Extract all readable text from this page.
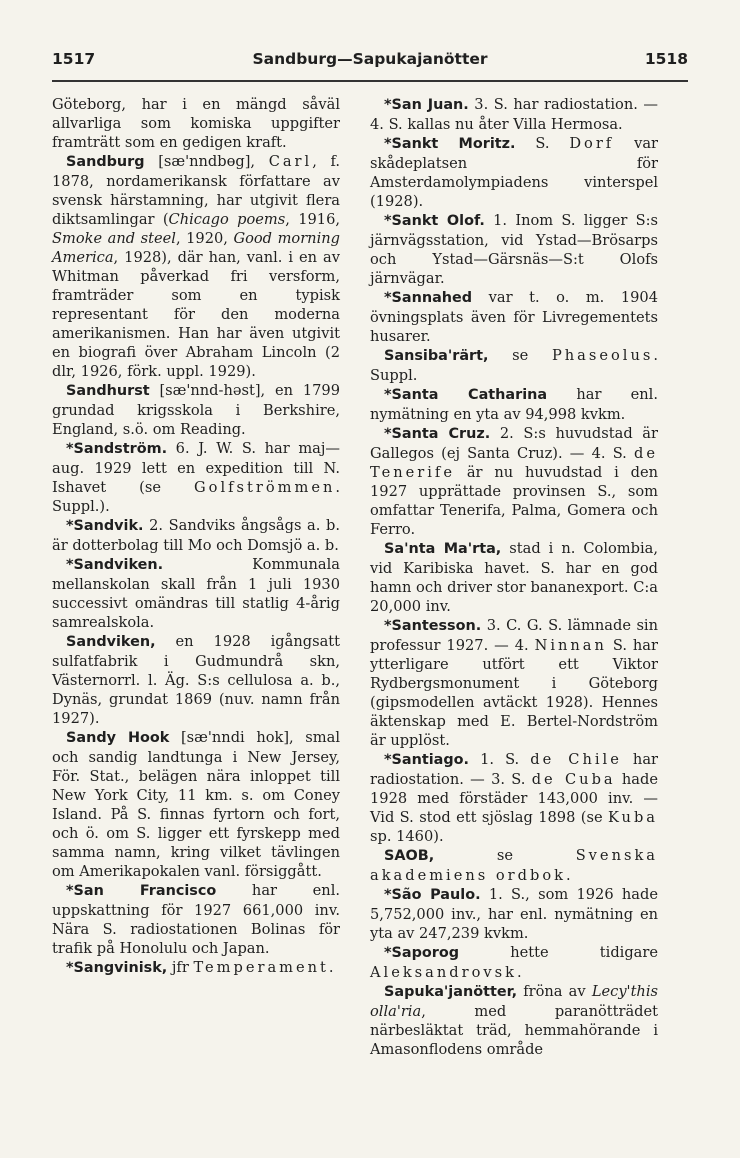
1517	Sandburg—Sapukajanötter	1518

Göteborg, har i en mängd såväl allvarliga som komiska uppgifter framträtt som en gedigen kraft.

Sandburg [sæ'nndbɵg], Carl, f. 1878, nordamerikansk författare av svensk härstamning, har utgivit flera diktsamlingar (Chicago poems, 1916, Smoke and steel, 1920, Good morning America, 1928), där han, vanl. i en av Whitman påverkad fri versform, framträder som en typisk representant för den moderna amerikanismen. Han har även utgivit en biografi över Abraham Lincoln (2 dlr, 1926, förk. uppl. 1929).

Sandhurst [sæ'nnd-həst], en 1799 grundad krigsskola i Berkshire, England, s.ö. om Reading.

*Sandström. 6. J. W. S. har maj—aug. 1929 lett en expedition till N. Ishavet (se Golfströmmen. Suppl.).

*Sandvik. 2. Sandviks ångsågs a. b. är dotterbolag till Mo och Domsjö a. b.

*Sandviken. Kommunala mellanskolan skall från 1 juli 1930 successivt omändras till statlig 4-årig samrealskola.

Sandviken, en 1928 igångsatt sulfatfabrik i Gudmundrå skn, Västernorrl. l. Äg. S:s cellulosa a. b., Dynäs, grundat 1869 (nuv. namn från 1927).

Sandy Hook [sæ'nndi hok], smal och sandig landtunga i New Jersey, För. Stat., belägen nära inloppet till New York City, 11 km. s. om Coney Island. På S. finnas fyrtorn och fort, och ö. om S. ligger ett fyrskepp med samma namn, kring vilket tävlingen om Amerikapokalen vanl. försiggått.

*San Francisco har enl. uppskattning för 1927 661,000 inv. Nära S. radiostationen Bolinas för trafik på Honolulu och Japan.

*Sangvinisk, jfr Temperament.

*San Juan. 3. S. har radiostation. — 4. S. kallas nu åter Villa Hermosa.

*Sankt Moritz. S. Dorf var skådeplatsen för Amsterdamolympiadens vinterspel (1928).

*Sankt Olof. 1. Inom S. ligger S:s järnvägsstation, vid Ystad—Brösarps och Ystad—Gärsnäs—S:t Olofs järnvägar.

*Sannahed var t. o. m. 1904 övningsplats även för Livregementets husarer.

Sansiba'rärt, se Phaseolus. Suppl.

*Santa Catharina har enl. nymätning en yta av 94,998 kvkm.

*Santa Cruz. 2. S:s huvudstad är Gallegos (ej Santa Cruz). — 4. S. de Tenerife är nu huvudstad i den 1927 upprättade provinsen S., som omfattar Tenerifa, Palma, Gomera och Ferro.

Sa'nta Ma'rta, stad i n. Colombia, vid Karibiska havet. S. har en god hamn och driver stor bananexport. C:a 20,000 inv.

*Santesson. 3. C. G. S. lämnade sin professur 1927. — 4. Ninnan S. har ytterligare utfört ett Viktor Rydbergsmonument i Göteborg (gipsmodellen avtäckt 1928). Hennes äktenskap med E. Bertel-Nordström är upplöst.

*Santiago. 1. S. de Chile har radiostation. — 3. S. de Cuba hade 1928 med förstäder 143,000 inv. — Vid S. stod ett sjöslag 1898 (se Kuba sp. 1460).

SAOB, se Svenska akademiens ordbok.

*São Paulo. 1. S., som 1926 hade 5,752,000 inv., har enl. nymätning en yta av 247,239 kvkm.

*Saporog hette tidigare Aleksandrovsk.

Sapuka'janötter, fröna av Lecy'this olla'ria, med paranötträdet närbesläktat träd, hemmahörande i Amasonflodens område
